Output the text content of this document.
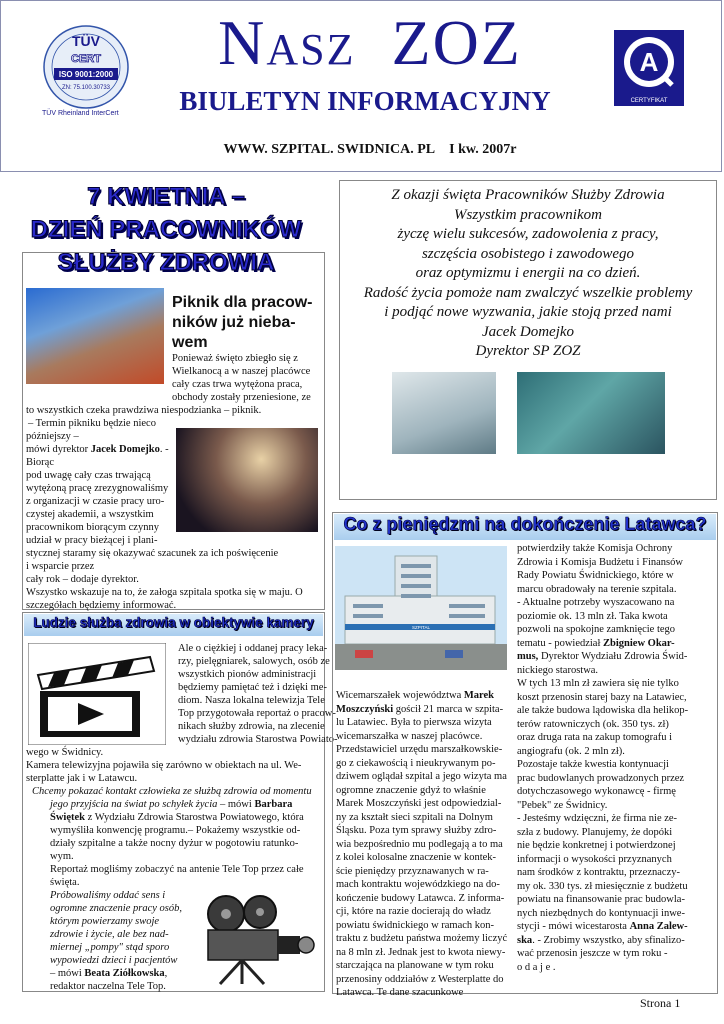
TÜV
CERT
ISO 9001:2000
ZN: 75.100.30733
TÜV Rheinland InterCert
NASZ ZOZ
BIULETYN INFORMACYJNY
WWW. SZPITAL. SWIDNICA. PL I kw. 2007r
A
CERTYFIKAT
7 KWIETNIA –
DZIEŃ PRACOWNIKÓW
SŁUŻBY ZDROWIA
Z okazji święta Pracowników Służby Zdrowia
Wszystkim pracownikom
życzę wielu sukcesów, zadowolenia z pracy,
szczęścia osobistego i zawodowego
oraz optymizmu i energii na co dzień.
Radość życia pomoże nam zwalczyć wszelkie problemy
i podjąć nowe wyzwania, jakie stoją przed nami
Jacek Domejko
Dyrektor SP ZOZ
Piknik dla pracow-
ników już nieba-
wem
Ponieważ święto zbiegło się z
Wielkanocą a w naszej placówce
cały czas trwa wytężona praca,
obchody zostały przeniesione, ze
to wszystkich czeka prawdziwa niespodzianka – piknik.
– Termin pikniku będzie nieco
późniejszy –
mówi dyrektor Jacek Domejko. -
Biorąc
pod uwagę cały czas trwającą
wytężoną pracę zrezygnowaliśmy
z organizacji w czasie pracy uro-
czystej akademii, a wszystkim
pracownikom biorącym czynny
udział w pracy bieżącej i plani-
stycznej staramy się okazywać szacunek za ich poświęcenie
i wsparcie przez
cały rok – dodaje dyrektor.
Wszystko wskazuje na to, że załoga szpitala spotka się w maju. O
szczegółach będziemy informować.
Ludzie służba zdrowia w obiektywie kamery
Ale o ciężkiej i oddanej pracy leka-
rzy, pielęgniarek, salowych, osób ze
wszystkich pionów administracji
będziemy pamiętać też i dzięki me-
diom. Nasza lokalna telewizja Tele
Top przygotowała reportaż o pracow-
nikach służby zdrowia, na zlecenie
wydziału zdrowia Starostwa Powiato-
wego w Świdnicy.
Kamera telewizyjna pojawiła się zarówno w obiektach na ul. We-
sterplatte jak i w Latawcu.
Chcemy pokazać kontakt człowieka ze służbą zdrowia od momentu
jego przyjścia na świat po schyłek życia – mówi Barbara
Świętek z Wydziału Zdrowia Starostwa Powiatowego, która
wymyśliła konwencję programu.– Pokażemy wszystkie od-
działy szpitalne a także nocny dyżur w pogotowiu ratunko-
wym.
Reportaż mogliśmy zobaczyć na antenie Tele Top przez całe
święta.
Próbowaliśmy oddać sens i
ogromne znaczenie pracy osób,
którym powierzamy swoje
zdrowie i życie, ale bez nad-
miernej „pompy" stąd sporo
wypowiedzi dzieci i pacjentów
– mówi Beata Ziółkowska,
redaktor naczelna Tele Top.
Co z pieniędzmi na dokończenie Latawca?
SZPITAL
Wicemarszałek województwa Marek
Moszczyński gościł 21 marca w szpita-
lu Latawiec. Była to pierwsza wizyta
wicemarszałka w naszej placówce.
Przedstawiciel urzędu marszałkowskie-
go z ciekawością i nieukrywanym po-
dziwem oglądał szpital a jego wizyta ma
ogromne znaczenie gdyż to właśnie
Marek Moszczyński jest odpowiedzial-
ny za kształt sieci szpitali na Dolnym
Śląsku. Poza tym sprawy służby zdro-
wia bezpośrednio mu podlegają a to ma
z kolei kolosalne znaczenie w kontek-
ście pieniędzy przyznawanych w ra-
mach kontraktu wojewódzkiego na do-
kończenie budowy Latawca. Z informa-
cji, które na razie docierają do władz
powiatu świdnickiego w ramach kon-
traktu z budżetu państwa możemy liczyć
na 8 mln zł. Jednak jest to kwota niewy-
starczająca na planowane w tym roku
przenosiny oddziałów z Westerplatte do
Latawca. Te dane szacunkowe
potwierdziły także Komisja Ochrony
Zdrowia i Komisja Budżetu i Finansów
Rady Powiatu Świdnickiego, które w
marcu obradowały na terenie szpitala.
- Aktualne potrzeby wyszacowano na
poziomie ok. 13 mln zł. Taka kwota
pozwoli na spokojne zamknięcie tego
tematu - powiedział Zbigniew Okar-
mus, Dyrektor Wydziału Zdrowia Świd-
nickiego starostwa.
W tych 13 mln zł zawiera się nie tylko
koszt przenosin starej bazy na Latawiec,
ale także budowa lądowiska dla helikop-
terów ratowniczych (ok. 350 tys. zł)
oraz druga rata na zakup tomografu i
angiografu (ok. 2 mln zł).
Pozostaje także kwestia kontynuacji
prac budowlanych prowadzonych przez
dotychczasowego wykonawcę - firmę
"Pebek" ze Świdnicy.
- Jesteśmy wdzięczni, że firma nie ze-
szła z budowy. Planujemy, że dopóki
nie będzie konkretnej i potwierdzonej
informacji o wysokości przyznanych
nam środków z kontraktu, przeznaczy-
my ok. 330 tys. zł miesięcznie z budżetu
powiatu na finansowanie prac budowla-
nych niezbędnych do kontynuacji inwe-
stycji - mówi wicestarosta Anna Zalew-
ska. - Zrobimy wszystko, aby sfinalizo-
wać przenosin jeszcze w tym roku -
o d a j e .
Strona 1
